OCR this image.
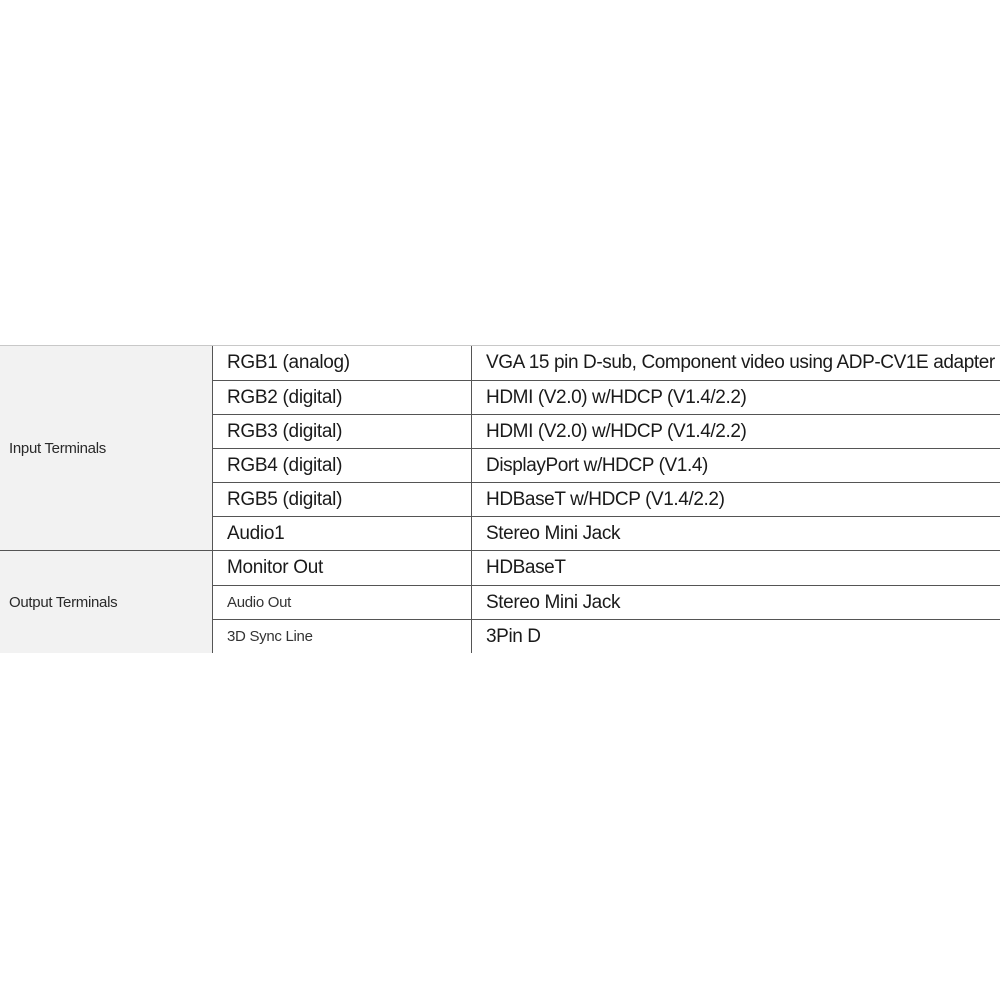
Input Terminals
RGB1 (analog)	VGA 15 pin D-sub, Component video using ADP-CV1E adapter
RGB2 (digital)	HDMI (V2.0) w/HDCP (V1.4/2.2)
RGB3 (digital)	HDMI (V2.0) w/HDCP (V1.4/2.2)
RGB4 (digital)	DisplayPort w/HDCP (V1.4)
RGB5 (digital)	HDBaseT w/HDCP (V1.4/2.2)
Audio1	Stereo Mini Jack
Output Terminals
Monitor Out	HDBaseT
Audio Out	Stereo Mini Jack
3D Sync Line	3Pin D
